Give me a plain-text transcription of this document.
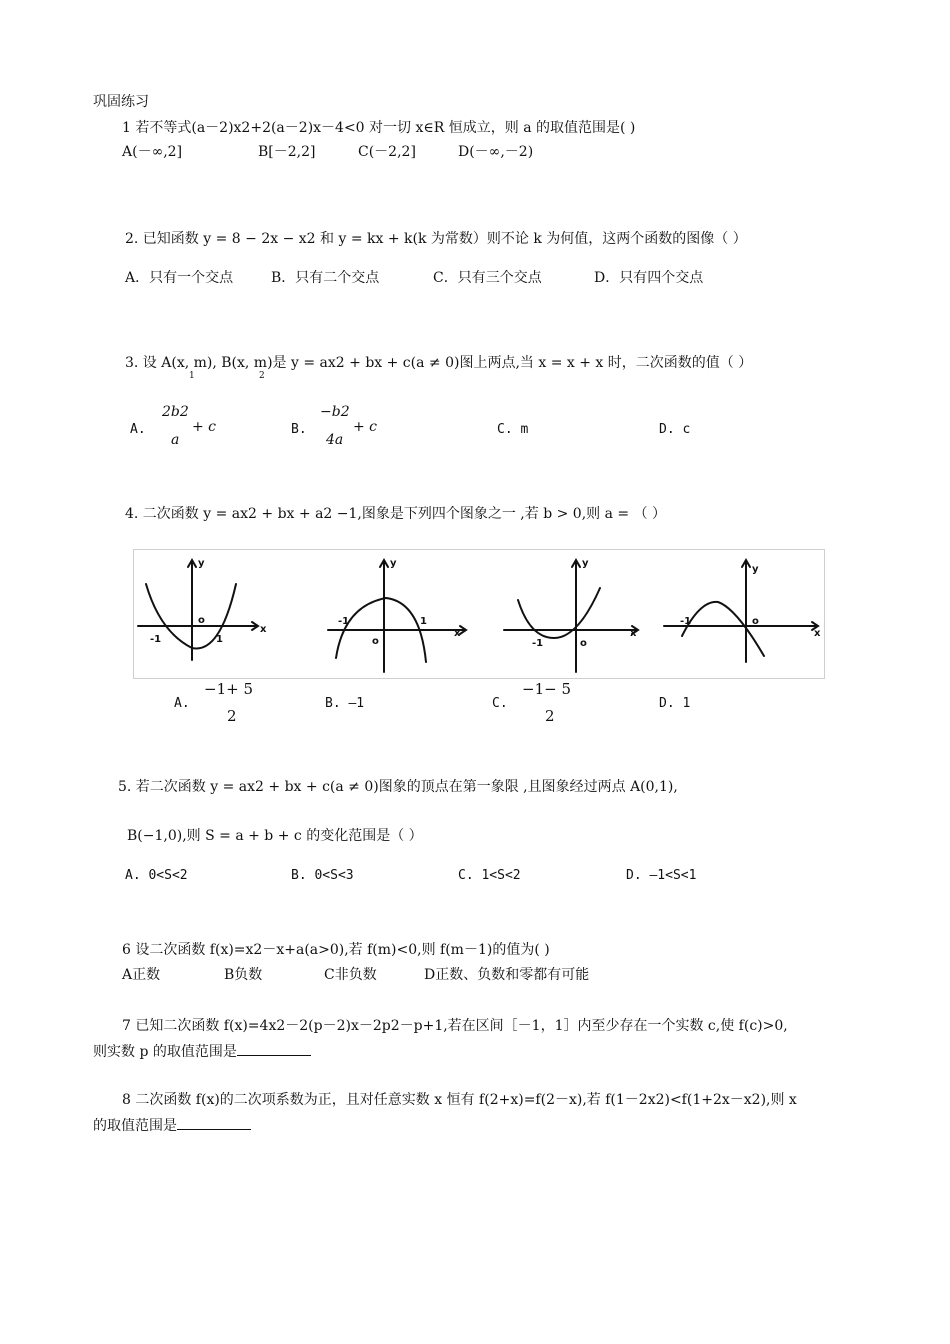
巩固练习
1 若不等式(a－2)x2+2(a－2)x－4<0 对一切 x∈R 恒成立，则 a 的取值范围是( )
A(－∞,2]	B[－2,2]	C(－2,2]	D(－∞,－2)
2. 已知函数 y = 8 − 2x − x2 和 y = kx + k(k 为常数）则不论 k 为何值，这两个函数的图像（ ）
A．只有一个交点	B．只有二个交点	C．只有三个交点	D．只有四个交点
3. 设 A(x, m), B(x, m)是 y = ax2 + bx + c(a ≠ 0)图上两点,当 x = x + x 时，二次函数的值（ ）
1	2
A.
2b2
a
+ c	B.
−b2
4a
+ c	C. m	D. c
4. 二次函数 y = ax2 + bx + a2 −1,图象是下列四个图象之一 ,若 b > 0,则 a = （ ）
y
x
o
-1	1
y
x
o
-1	1
y
x
o
-1
y
x
o
-1
A.
−1+ 5
2
B. —1	C.
−1− 5
2
D. 1
5. 若二次函数 y = ax2 + bx + c(a ≠ 0)图象的顶点在第一象限 ,且图象经过两点 A(0,1),
B(−1,0),则 S = a + b + c 的变化范围是（ ）
A. 0<S<2	B. 0<S<3	C. 1<S<2	D. —1<S<1
6 设二次函数 f(x)=x2－x+a(a>0),若 f(m)<0,则 f(m－1)的值为( )
A正数	B负数	C非负数	D正数、负数和零都有可能
7 已知二次函数 f(x)=4x2－2(p－2)x－2p2－p+1,若在区间［－1，1］内至少存在一个实数 c,使 f(c)>0,
则实数 p 的取值范围是
8 二次函数 f(x)的二次项系数为正，且对任意实数 x 恒有 f(2+x)=f(2－x),若 f(1－2x2)<f(1+2x－x2),则 x
的取值范围是
